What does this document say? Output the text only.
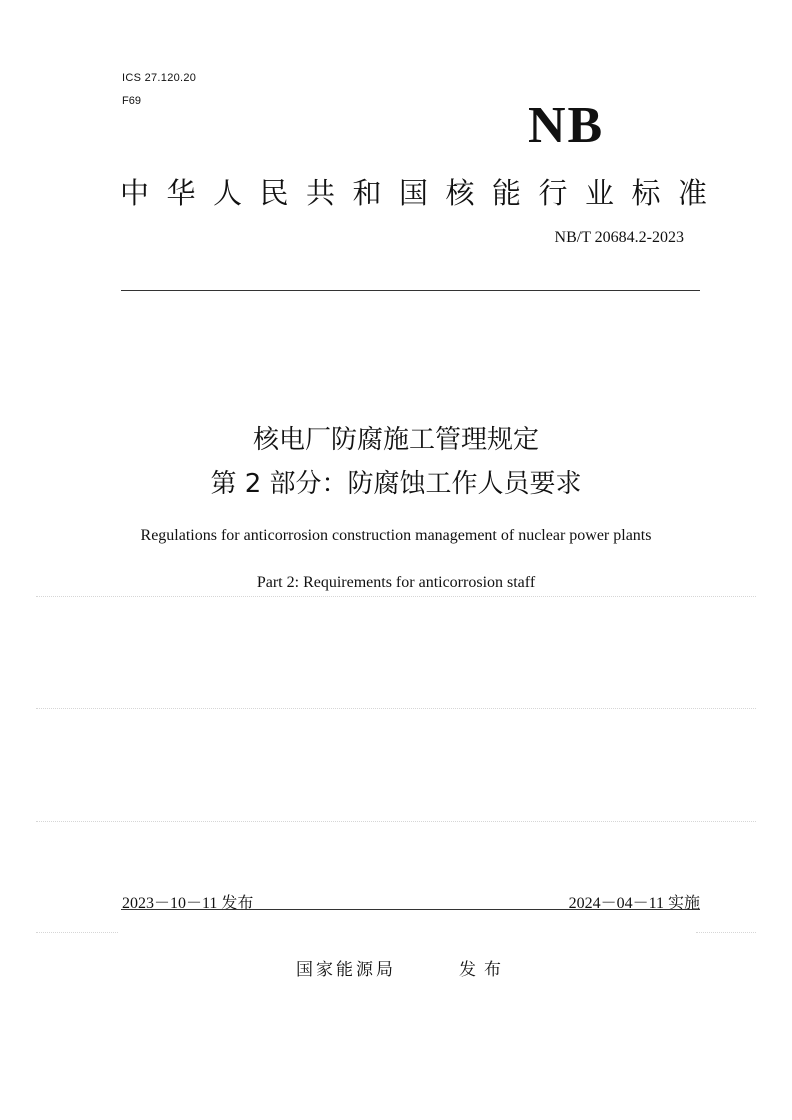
ICS 27.120.20
F69	NB
中华人民共和国核能行业标准
NB/T 20684.2-2023
核电厂防腐施工管理规定
第 2 部分：防腐蚀工作人员要求
Regulations for anticorrosion construction management of nuclear power plants
Part 2: Requirements for anticorrosion staff
2023－10－11 发布	2024－04－11 实施
国家能源局	发布
